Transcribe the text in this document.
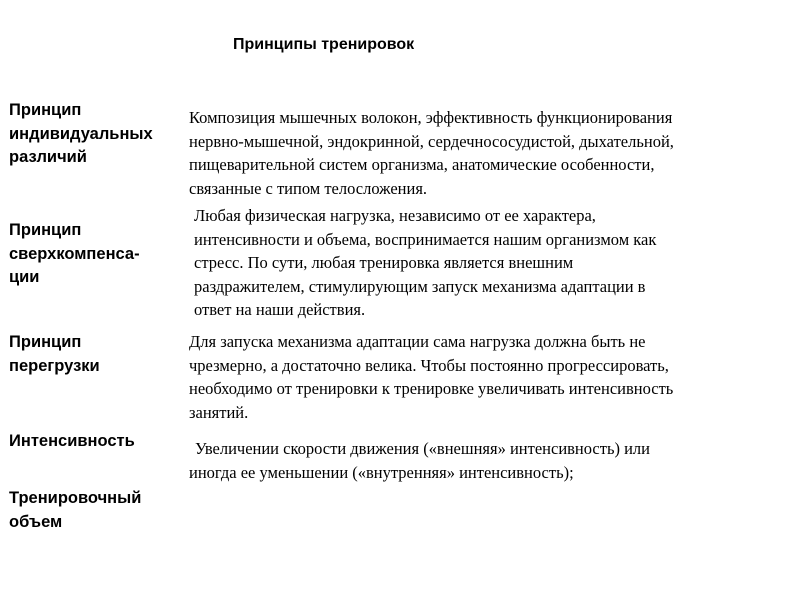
Принципы тренировок
Принцип
индивидуальных
различий
Композиция мышечных волокон, эффективность функционирования
нервно-мышечной, эндокринной, сердечнососудистой, дыхательной,
пищеварительной систем организма, анатомические особенности,
связанные с типом телосложения.
Принцип
сверхкомпенса-
ции
Любая физическая нагрузка, независимо от ее характера,
интенсивности и объема, воспринимается нашим организмом как
стресс. По сути, любая тренировка является внешним
раздражителем, стимулирующим запуск механизма адаптации в
ответ на наши действия.
Принцип
перегрузки
Для запуска механизма адаптации сама нагрузка должна быть не
чрезмерно, а достаточно велика. Чтобы постоянно прогрессировать,
необходимо от тренировки к тренировке увеличивать интенсивность
занятий.
Интенсивность	Увеличении скорости движения («внешняя» интенсивность) или
иногда ее уменьшении («внутренняя» интенсивность);
Тренировочный
объем
